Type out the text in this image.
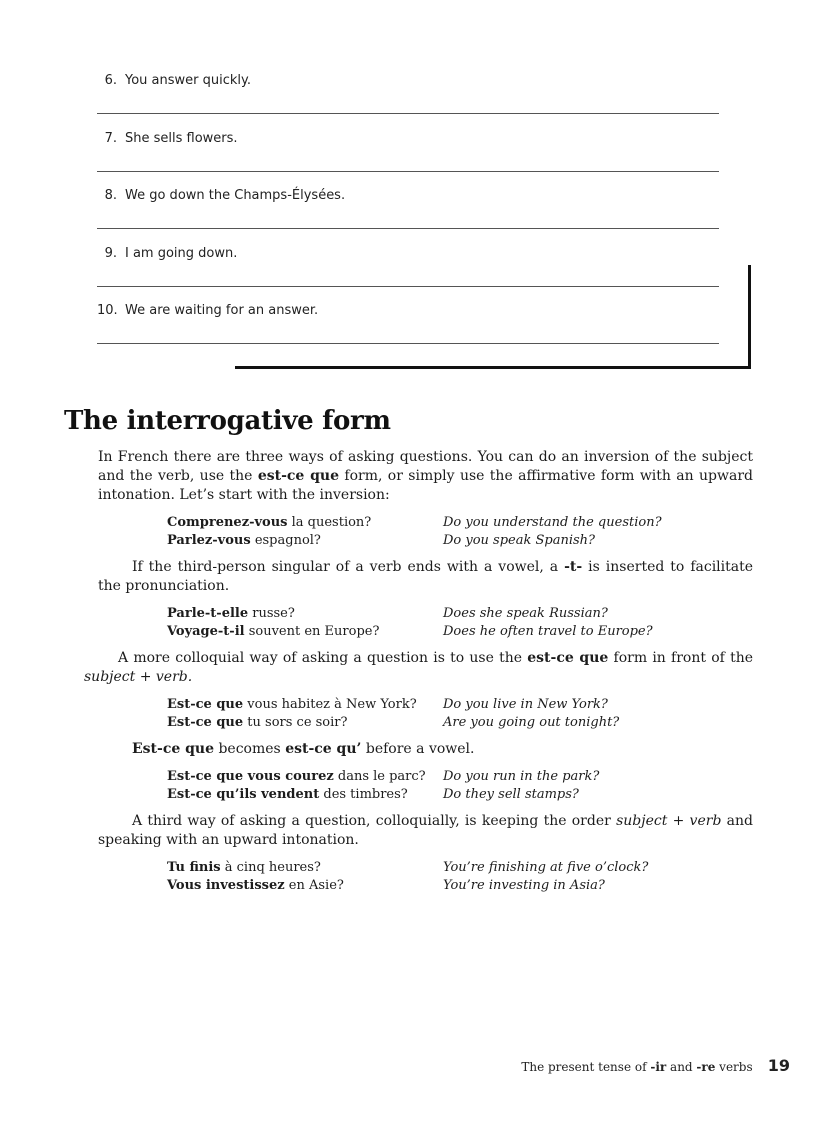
6. You answer quickly.
7. She sells flowers.
8. We go down the Champs-Élysées.
9. I am going down.
10. We are waiting for an answer.
The interrogative form

In French there are three ways of asking questions. You can do an inversion of the subject and the verb, use the est-ce que form, or simply use the affirmative form with an upward intonation. Let’s start with the inversion:

Comprenez-vous la question?	Do you understand the question?
Parlez-vous espagnol?	Do you speak Spanish?

If the third-person singular of a verb ends with a vowel, a -t- is inserted to facilitate the pronunciation.

Parle-t-elle russe?	Does she speak Russian?
Voyage-t-il souvent en Europe?	Does he often travel to Europe?

A more colloquial way of asking a question is to use the est-ce que form in front of the subject + verb.

Est-ce que vous habitez à New York?	Do you live in New York?
Est-ce que tu sors ce soir?	Are you going out tonight?

Est-ce que becomes est-ce qu’ before a vowel.

Est-ce que vous courez dans le parc?	Do you run in the park?
Est-ce qu’ils vendent des timbres?	Do they sell stamps?

A third way of asking a question, colloquially, is keeping the order subject + verb and speaking with an upward intonation.

Tu finis à cinq heures?	You’re finishing at five o’clock?
Vous investissez en Asie?	You’re investing in Asia?
The present tense of -ir and -re verbs 19
